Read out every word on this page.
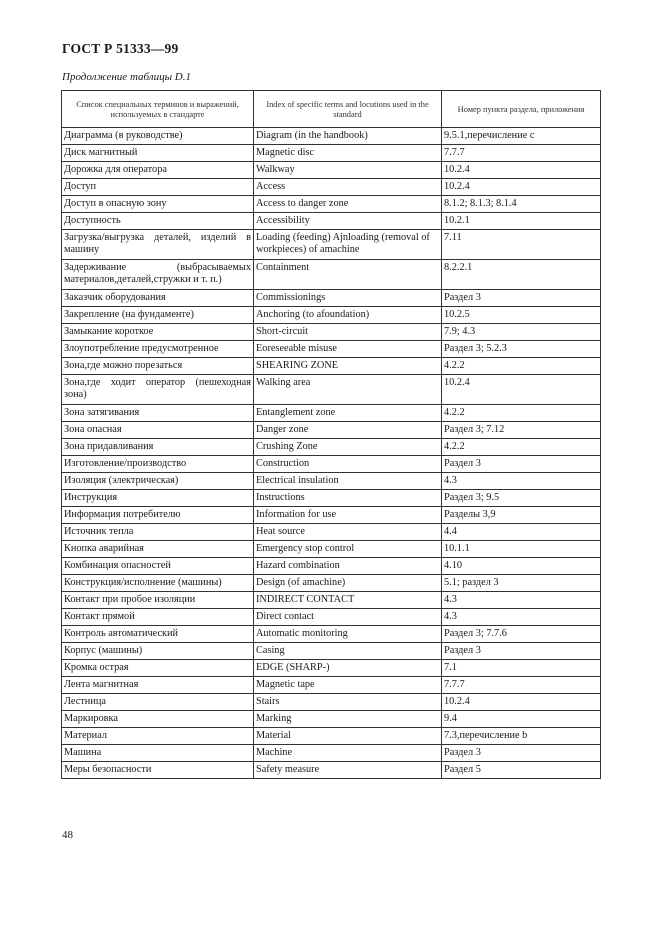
ГОСТ Р 51333—99
Продолжение таблицы D.1
Список специальных терминов и выражений, используемых в стандарте	Index of specific terms and locutions used in the standard	Номер пункта раздела, приложения
Диаграмма (в руководстве)	Diagram (in the handbook)	9.5.1,перечисление с
Диск магнитный	Magnetic disc	7.7.7
Дорожка для оператора	Walkway	10.2.4
Доступ	Access	10.2.4
Доступ в опасную зону	Access to danger zone	8.1.2; 8.1.3; 8.1.4
Доступность	Accessibility	10.2.1
Загрузка/выгрузка деталей, изделий в машину	Loading (feeding) Ajnloading (removal of workpieces) of amachine	7.11
Задерживание (выбрасываемых материалов,деталей,стружки и т. п.)	Containment	8.2.2.1
Заказчик оборудования	Commissionings	Раздел 3
Закрепление (на фундаменте)	Anchoring (to afoundation)	10.2.5
Замыкание короткое	Short-circuit	7.9; 4.3
Злоупотребление предусмотренное	Eoreseeable misuse	Раздел 3; 5.2.3
Зона,где можно порезаться	SHEARING ZONE	4.2.2
Зона,где ходит оператор (пешеходная зона)	Walking area	10.2.4
Зона затягивания	Entanglement zone	4.2.2
Зона опасная	Danger zone	Раздел 3; 7.12
Зона придавливания	Crushing Zone	4.2.2
Изготовление/производство	Construction	Раздел 3
Изоляция (электрическая)	Electrical insulation	4.3
Инструкция	Instructions	Раздел 3; 9.5
Информация потребителю	Information for use	Разделы 3,9
Источник тепла	Heat source	4.4
Кнопка аварийная	Emergency stop control	10.1.1
Комбинация опасностей	Hazard combination	4.10
Конструкция/исполнение (машины)	Design (of amachine)	5.1; раздел 3
Контакт при пробое изоляции	INDIRECT CONTACT	4.3
Контакт прямой	Direct contact	4.3
Контроль автоматический	Automatic monitoring	Раздел 3; 7.7.6
Корпус (машины)	Casing	Раздел 3
Кромка острая	EDGE (SHARP-)	7.1
Лента магнитная	Magnetic tape	7.7.7
Лестница	Stairs	10.2.4
Маркировка	Marking	9.4
Материал	Material	7.3,перечисление b
Машина	Machine	Раздел 3
Меры безопасности	Safety measure	Раздел 5
48
